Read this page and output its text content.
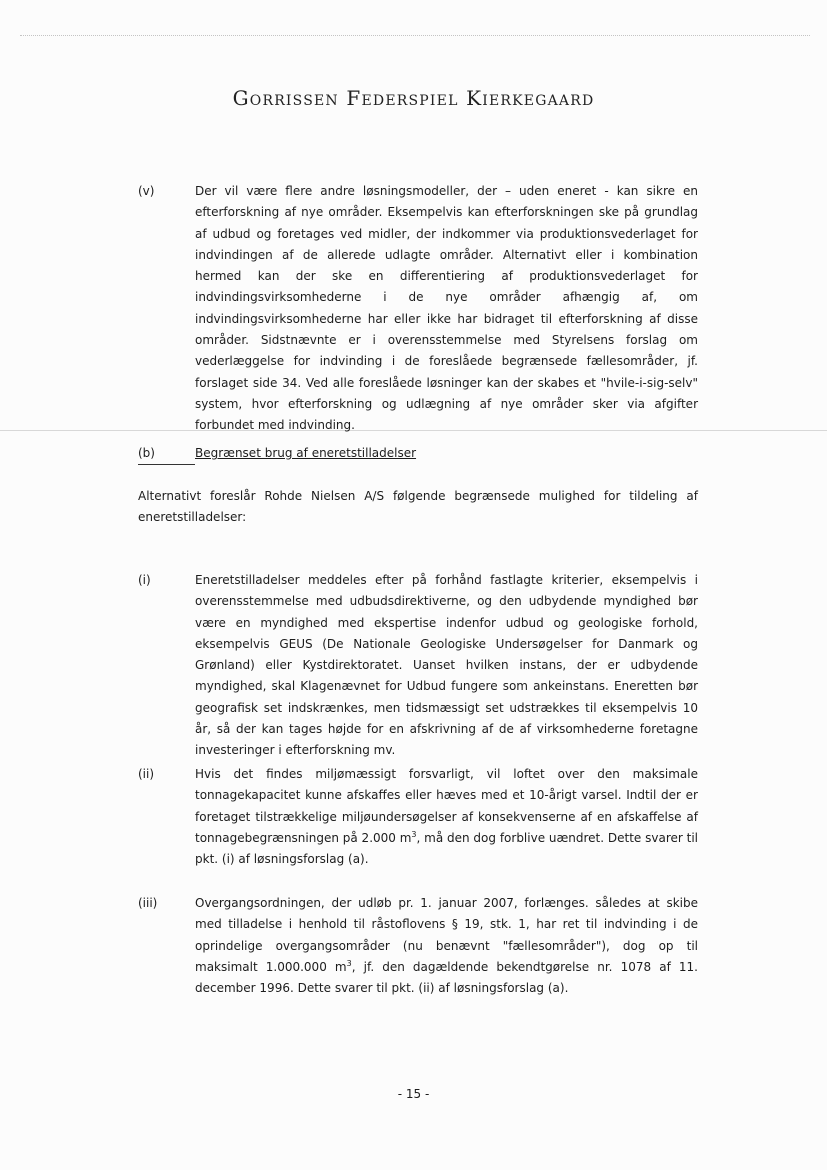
Gorrissen Federspiel Kierkegaard
(v)	Der vil være flere andre løsningsmodeller, der – uden eneret - kan sikre en efterforskning af nye områder. Eksempelvis kan efterforskningen ske på grundlag af udbud og foretages ved midler, der indkommer via produktionsvederlaget for indvindingen af de allerede udlagte områder. Alternativt eller i kombination hermed kan der ske en differentiering af produktionsvederlaget for indvindingsvirksomhederne i de nye områder afhængig af, om indvindingsvirksomhederne har eller ikke har bidraget til efterforskning af disse områder. Sidstnævnte er i overensstemmelse med Styrelsens forslag om vederlæggelse for indvinding i de foreslåede begrænsede fællesområder, jf. forslaget side 34. Ved alle foreslåede løsninger kan der skabes et "hvile-i-sig-selv" system, hvor efterforskning og udlægning af nye områder sker via afgifter forbundet med indvinding.
(b)	Begrænset brug af eneretstilladelser
Alternativt foreslår Rohde Nielsen A/S følgende begrænsede mulighed for tildeling af eneretstilladelser:
(i)	Eneretstilladelser meddeles efter på forhånd fastlagte kriterier, eksempelvis i overensstemmelse med udbudsdirektiverne, og den udbydende myndighed bør være en myndighed med ekspertise indenfor udbud og geologiske forhold, eksempelvis GEUS (De Nationale Geologiske Undersøgelser for Danmark og Grønland) eller Kystdirektoratet. Uanset hvilken instans, der er udbydende myndighed, skal Klagenævnet for Udbud fungere som ankeinstans. Eneretten bør geografisk set indskrænkes, men tidsmæssigt set udstrækkes til eksempelvis 10 år, så der kan tages højde for en afskrivning af de af virksomhederne foretagne investeringer i efterforskning mv.
(ii)	Hvis det findes miljømæssigt forsvarligt, vil loftet over den maksimale tonnagekapacitet kunne afskaffes eller hæves med et 10-årigt varsel. Indtil der er foretaget tilstrækkelige miljøundersøgelser af konsekvenserne af en afskaffelse af tonnagebegrænsningen på 2.000 $m^3$, må den dog forblive uændret. Dette svarer til pkt. (i) af løsningsforslag (a).
(iii)	Overgangsordningen, der udløb pr. 1. januar 2007, forlænges. således at skibe med tilladelse i henhold til råstoflovens § 19, stk. 1, har ret til indvinding i de oprindelige overgangsområder (nu benævnt "fællesområder"), dog op til maksimalt 1.000.000 $m^3$, jf. den dagældende bekendtgørelse nr. 1078 af 11. december 1996. Dette svarer til pkt. (ii) af løsningsforslag (a).
- 15 -
